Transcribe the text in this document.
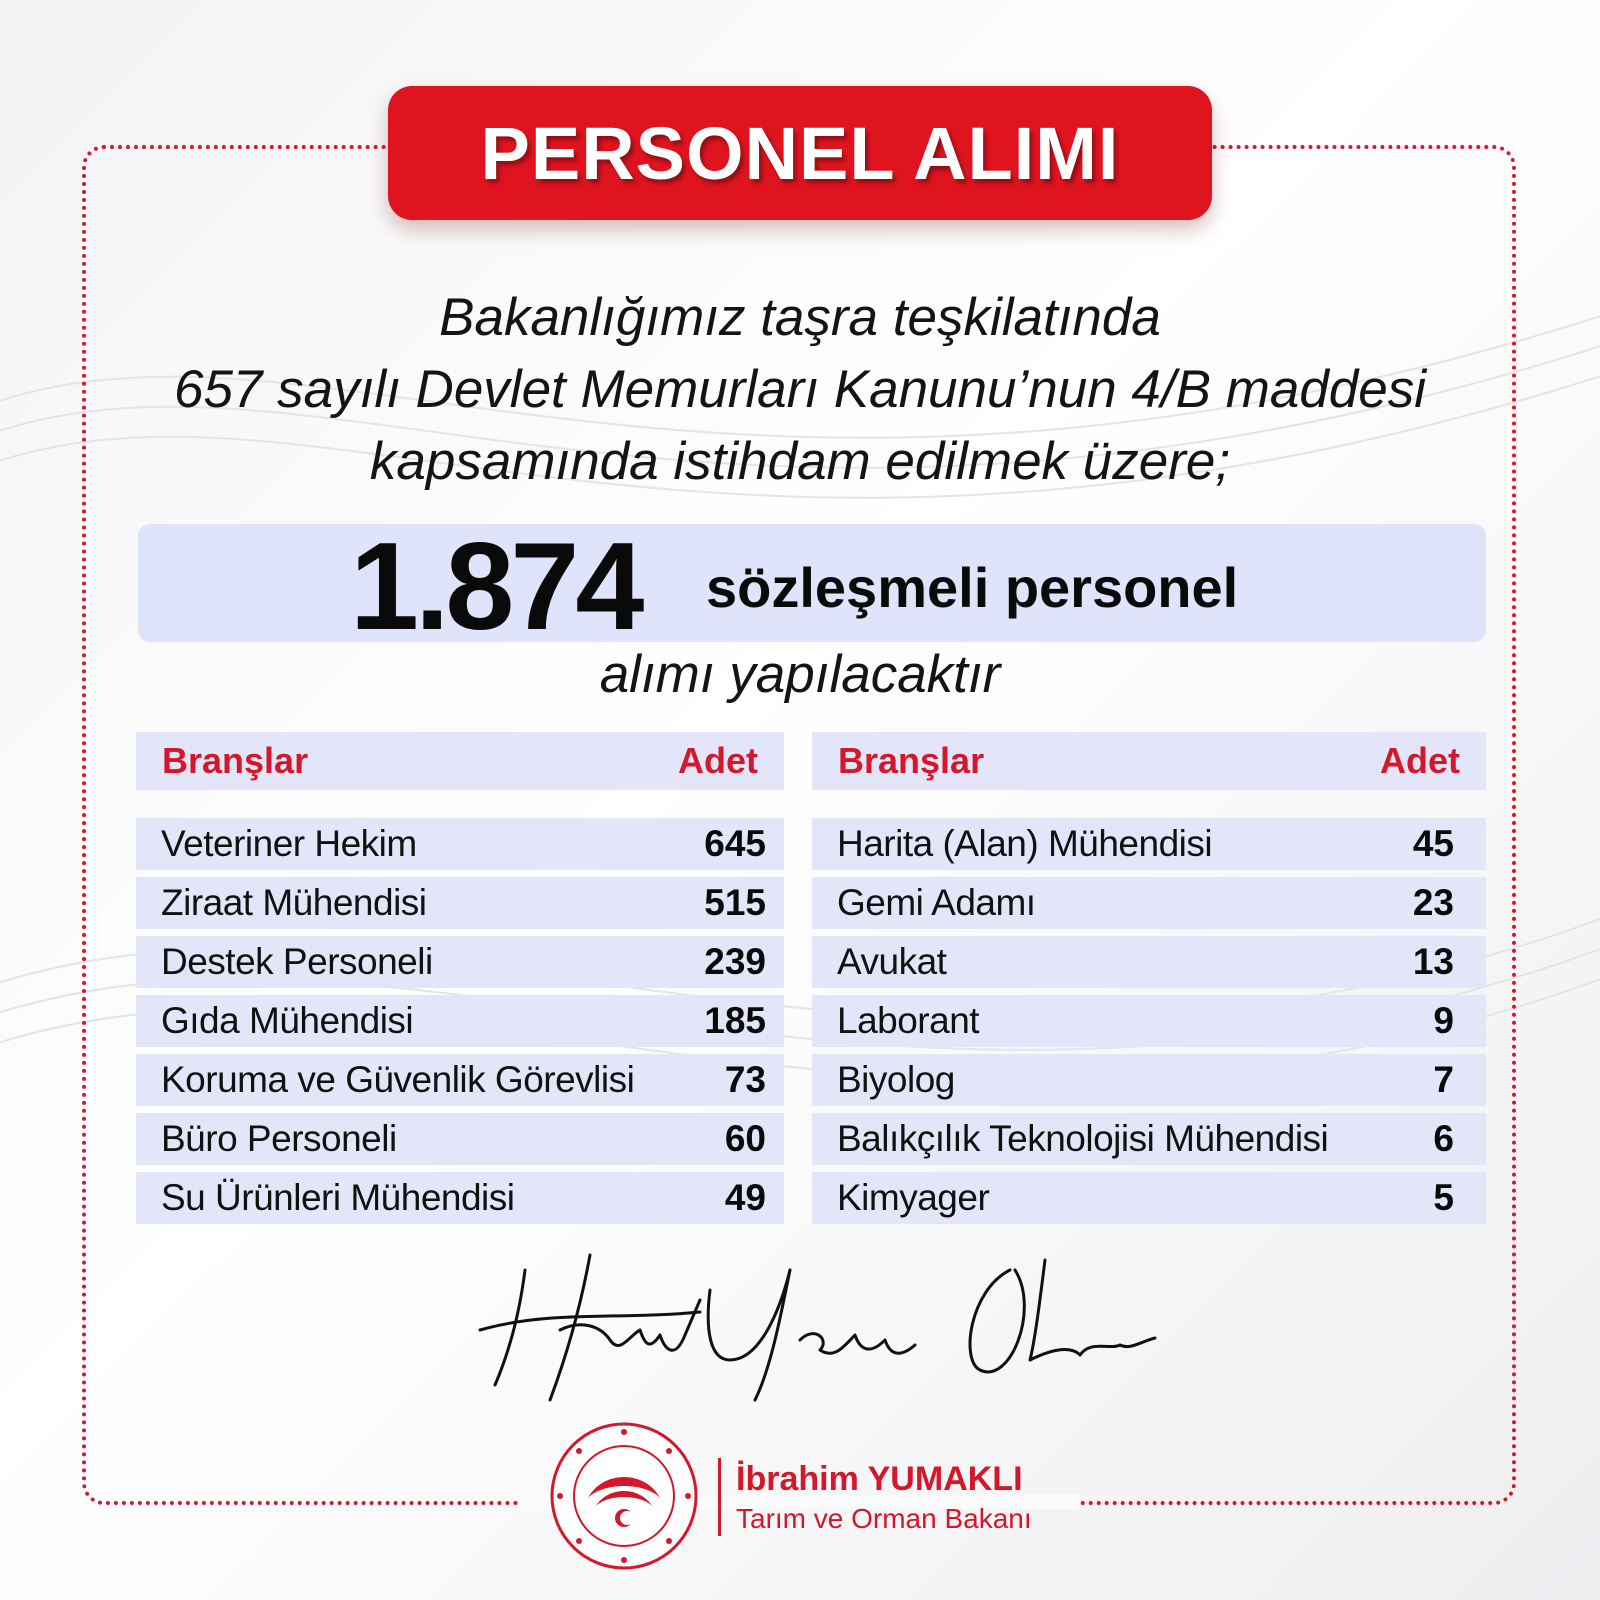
PERSONEL ALIMI
Bakanlığımız taşra teşkilatında
657 sayılı Devlet Memurları Kanunu’nun 4/B maddesi
kapsamında istihdam edilmek üzere;
1.874 sözleşmeli personel
alımı yapılacaktır
Branşlar	Adet
Veteriner Hekim	645
Ziraat Mühendisi	515
Destek Personeli	239
Gıda Mühendisi	185
Koruma ve Güvenlik Görevlisi 73
Büro Personeli	60
Su Ürünleri Mühendisi	49
Branşlar	Adet
Harita (Alan) Mühendisi	45
Gemi Adamı	23
Avukat	13
Laborant	9
Biyolog	7
Balıkçılık Teknolojisi Mühendisi	6
Kimyager	5
İbrahim YUMAKLI
Tarım ve Orman Bakanı
